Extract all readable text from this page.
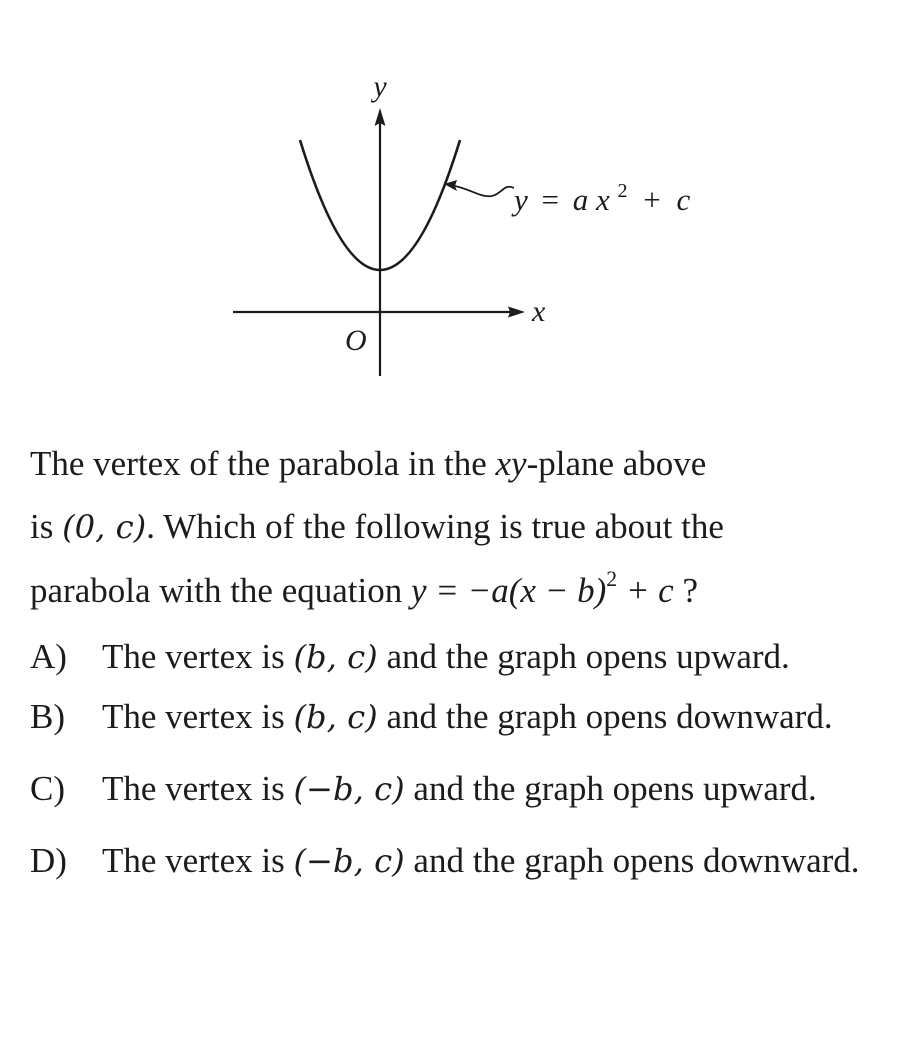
y
x
O
y = a x $^2$ + c

The vertex of the parabola in the xy-plane above
is (0, c). Which of the following is true about the
parabola with the equation $y = -a(x - b)^2 + c$ ?

A)	The vertex is (b, c) and the graph opens upward.
B)	The vertex is (b, c) and the graph opens downward.
C)	The vertex is (−b, c) and the graph opens upward.
D)	The vertex is (−b, c) and the graph opens downward.
